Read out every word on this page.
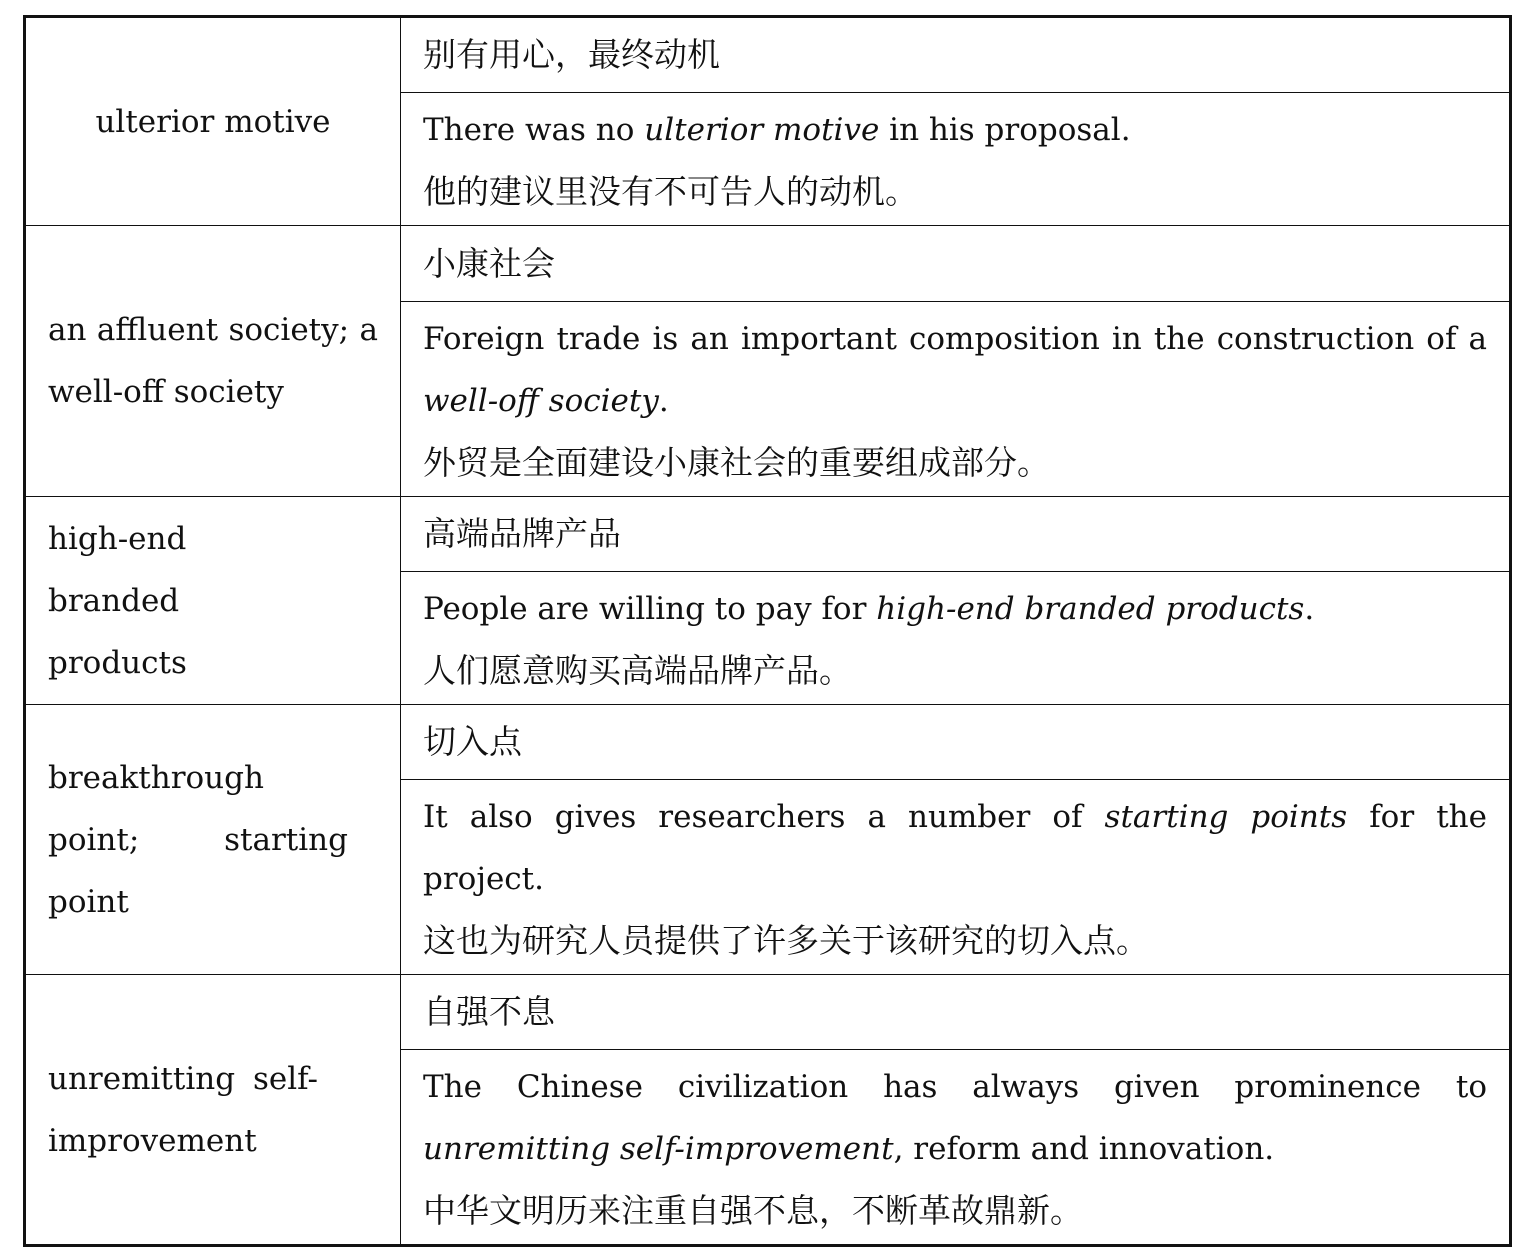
ulterior motive	别有用心，最终动机

	There was no ulterior motive in his proposal.
他的建议里没有不可告人的动机。

an affluent society; a well-off society	小康社会

	Foreign trade is an important composition in the construction of a well-off society.
外贸是全面建设小康社会的重要组成部分。

high-end branded products	高端品牌产品

	People are willing to pay for high-end branded products.
人们愿意购买高端品牌产品。

breakthrough point; starting point	切入点

	It also gives researchers a number of starting points for the project.
这也为研究人员提供了许多关于该研究的切入点。

unremitting self-improvement	自强不息

	The Chinese civilization has always given prominence to unremitting self-improvement, reform and innovation.
中华文明历来注重自强不息，不断革故鼎新。
